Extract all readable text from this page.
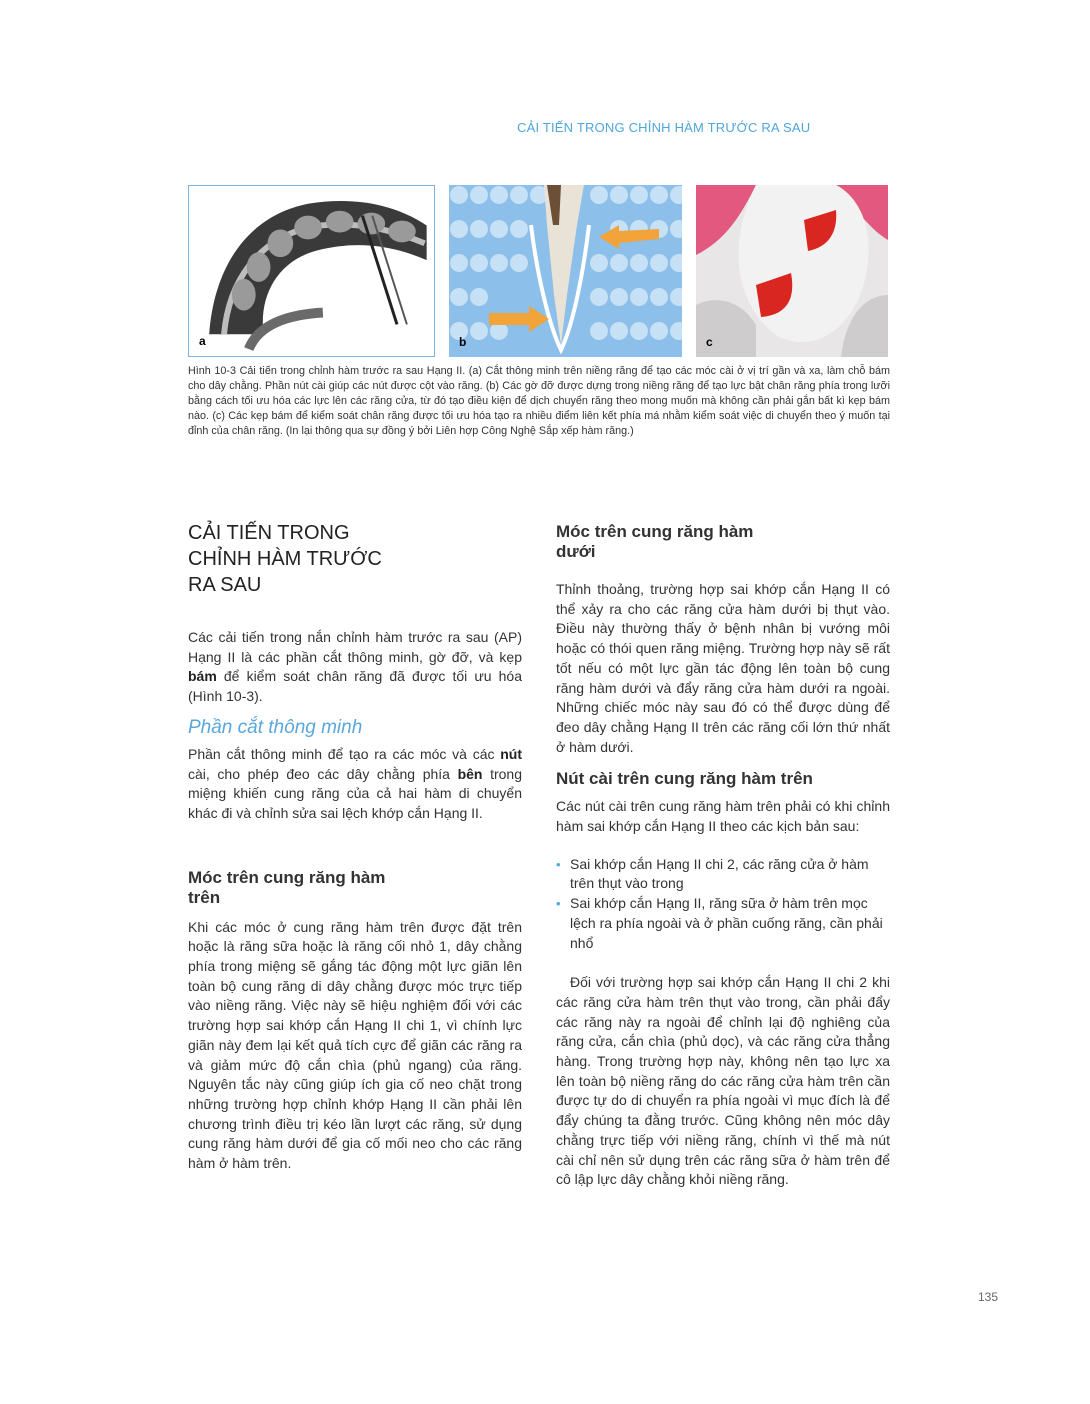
CẢI TIẾN TRONG CHỈNH HÀM TRƯỚC RA SAU
a	b	c
Hình 10-3 Cải tiến trong chỉnh hàm trước ra sau Hạng II. (a) Cắt thông minh trên niềng răng để tạo các móc cài ở vị trí gần và xa, làm chỗ bám cho dây chằng. Phần nút cài giúp các nút được cột vào răng. (b) Các gờ đỡ được dựng trong niềng răng để tạo lực bật chân răng phía trong lưỡi bằng cách tối ưu hóa các lực lên các răng cửa, từ đó tạo điều kiện để dịch chuyển răng theo mong muốn mà không cần phải gắn bất kì kẹp bám nào. (c) Các kẹp bám để kiểm soát chân răng được tối ưu hóa tạo ra nhiều điểm liên kết phía má nhằm kiểm soát việc di chuyển theo ý muốn tại đỉnh của chân răng. (In lại thông qua sự đồng ý bởi Liên hợp Công Nghệ Sắp xếp hàm răng.)
CẢI TIẾN TRONG
CHỈNH HÀM TRƯỚC
RA SAU

Các cải tiến trong nắn chỉnh hàm trước ra sau (AP) Hạng II là các phần cắt thông minh, gờ đỡ, và kẹp bám để kiểm soát chân răng đã được tối ưu hóa (Hình 10-3).

Phần cắt thông minh

Phần cắt thông minh để tạo ra các móc và các nút cài, cho phép đeo các dây chằng phía bên trong miệng khiến cung răng của cả hai hàm di chuyển khác đi và chỉnh sửa sai lệch khớp cắn Hạng II.

Móc trên cung răng hàm
trên

Khi các móc ở cung răng hàm trên được đặt trên hoặc là răng sữa hoặc là răng cối nhỏ 1, dây chằng phía trong miệng sẽ gắng tác động một lực giãn lên toàn bộ cung răng di dây chằng được móc trực tiếp vào niềng răng. Việc này sẽ hiệu nghiệm đối với các trường hợp sai khớp cắn Hạng II chi 1, vì chính lực giãn này đem lại kết quả tích cực để giãn các răng ra và giảm mức độ cắn chìa (phủ ngang) của răng. Nguyên tắc này cũng giúp ích gia cố neo chặt trong những trường hợp chỉnh khớp Hạng II cần phải lên chương trình điều trị kéo lần lượt các răng, sử dụng cung răng hàm dưới để gia cố mối neo cho các răng hàm ở hàm trên.

Móc trên cung răng hàm
dưới

Thỉnh thoảng, trường hợp sai khớp cắn Hạng II có thể xảy ra cho các răng cửa hàm dưới bị thụt vào. Điều này thường thấy ở bệnh nhân bị vướng môi hoặc có thói quen răng miệng. Trường hợp này sẽ rất tốt nếu có một lực gần tác động lên toàn bộ cung răng hàm dưới và đẩy răng cửa hàm dưới ra ngoài. Những chiếc móc này sau đó có thể được dùng để đeo dây chằng Hạng II trên các răng cối lớn thứ nhất ở hàm dưới.

Nút cài trên cung răng hàm trên

Các nút cài trên cung răng hàm trên phải có khi chỉnh hàm sai khớp cắn Hạng II theo các kịch bản sau:

• Sai khớp cắn Hạng II chi 2, các răng cửa ở hàm trên thụt vào trong
• Sai khớp cắn Hạng II, răng sữa ở hàm trên mọc lệch ra phía ngoài và ở phần cuống răng, cần phải nhổ

Đối với trường hợp sai khớp cắn Hạng II chi 2 khi các răng cửa hàm trên thụt vào trong, cần phải đẩy các răng này ra ngoài để chỉnh lại độ nghiêng của răng cửa, cắn chìa (phủ dọc), và các răng cửa thẳng hàng. Trong trường hợp này, không nên tạo lực xa lên toàn bộ niềng răng do các răng cửa hàm trên cần được tự do di chuyển ra phía ngoài vì mục đích là để đẩy chúng ta đằng trước. Cũng không nên móc dây chằng trực tiếp với niềng răng, chính vì thế mà nút cài chỉ nên sử dụng trên các răng sữa ở hàm trên để cô lập lực dây chằng khỏi niềng răng.

135
